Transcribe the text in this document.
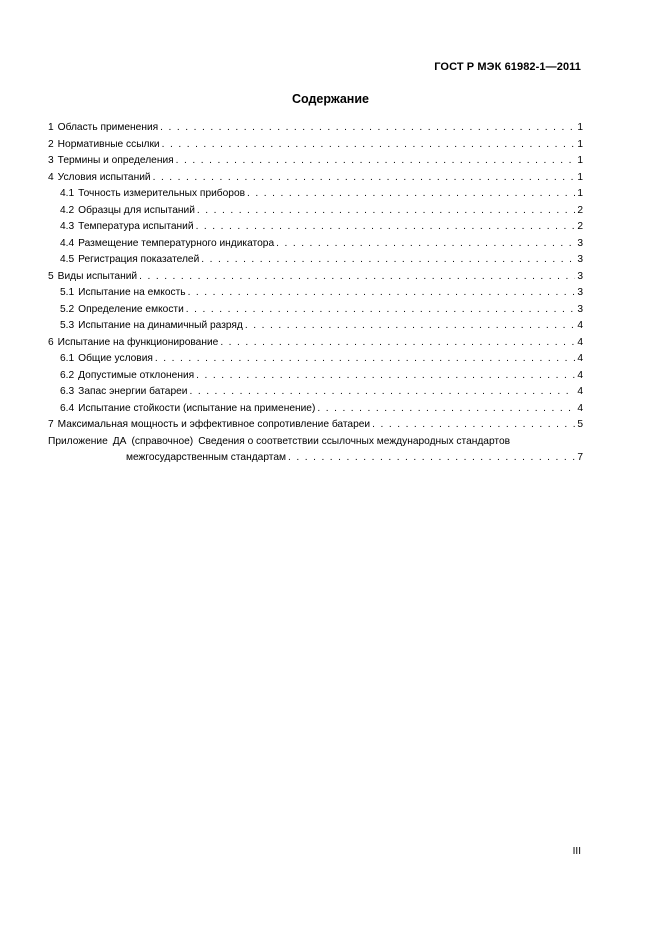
ГОСТ Р МЭК 61982-1—2011
Содержание
1 Область применения . . .	1
2 Нормативные ссылки . . .	1
3 Термины и определения . . .	1
4 Условия испытаний . . .	1
4.1 Точность измерительных приборов . . .	1
4.2 Образцы для испытаний . . .	2
4.3 Температура испытаний . . .	2
4.4 Размещение температурного индикатора . . .	3
4.5 Регистрация показателей . . .	3
5 Виды испытаний . . .	3
5.1 Испытание на емкость . . .	3
5.2 Определение емкости . . .	3
5.3 Испытание на динамичный разряд . . .	4
6 Испытание на функционирование . . .	4
6.1 Общие условия . . .	4
6.2 Допустимые отклонения . . .	4
6.3 Запас энергии батареи . . .	4
6.4 Испытание стойкости (испытание на применение) . . .	4
7 Максимальная мощность и эффективное сопротивление батареи . . .	5
Приложение ДА (справочное) Сведения о соответствии ссылочных международных стандартов
межгосударственным стандартам . . .	7
III
